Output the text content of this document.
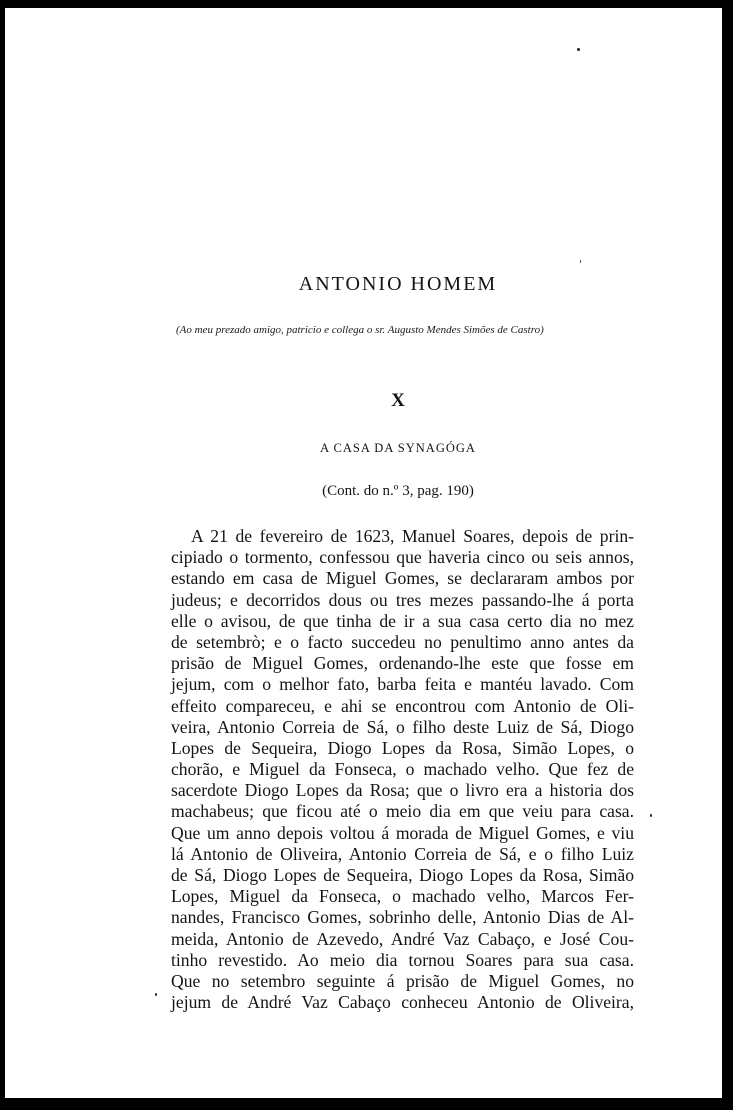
ANTONIO HOMEM
(Ao meu prezado amigo, patricio e collega o sr. Augusto Mendes Simões de Castro)
X
A CASA DA SYNAGÓGA
(Cont. do n.º 3, pag. 190)
A 21 de fevereiro de 1623, Manuel Soares, depois de prin-
cipiado o tormento, confessou que haveria cinco ou seis annos,
estando em casa de Miguel Gomes, se declararam ambos por
judeus; e decorridos dous ou tres mezes passando-lhe á porta
elle o avisou, de que tinha de ir a sua casa certo dia no mez
de setembrò; e o facto succedeu no penultimo anno antes da
prisão de Miguel Gomes, ordenando-lhe este que fosse em
jejum, com o melhor fato, barba feita e mantéu lavado. Com
effeito compareceu, e ahi se encontrou com Antonio de Oli-
veira, Antonio Correia de Sá, o filho deste Luiz de Sá, Diogo
Lopes de Sequeira, Diogo Lopes da Rosa, Simão Lopes, o
chorão, e Miguel da Fonseca, o machado velho. Que fez de
sacerdote Diogo Lopes da Rosa; que o livro era a historia dos
machabeus; que ficou até o meio dia em que veiu para casa.
Que um anno depois voltou á morada de Miguel Gomes, e viu
lá Antonio de Oliveira, Antonio Correia de Sá, e o filho Luiz
de Sá, Diogo Lopes de Sequeira, Diogo Lopes da Rosa, Simão
Lopes, Miguel da Fonseca, o machado velho, Marcos Fer-
nandes, Francisco Gomes, sobrinho delle, Antonio Dias de Al-
meida, Antonio de Azevedo, André Vaz Cabaço, e José Cou-
tinho revestido. Ao meio dia tornou Soares para sua casa.
Que no setembro seguinte á prisão de Miguel Gomes, no
jejum de André Vaz Cabaço conheceu Antonio de Oliveira,
